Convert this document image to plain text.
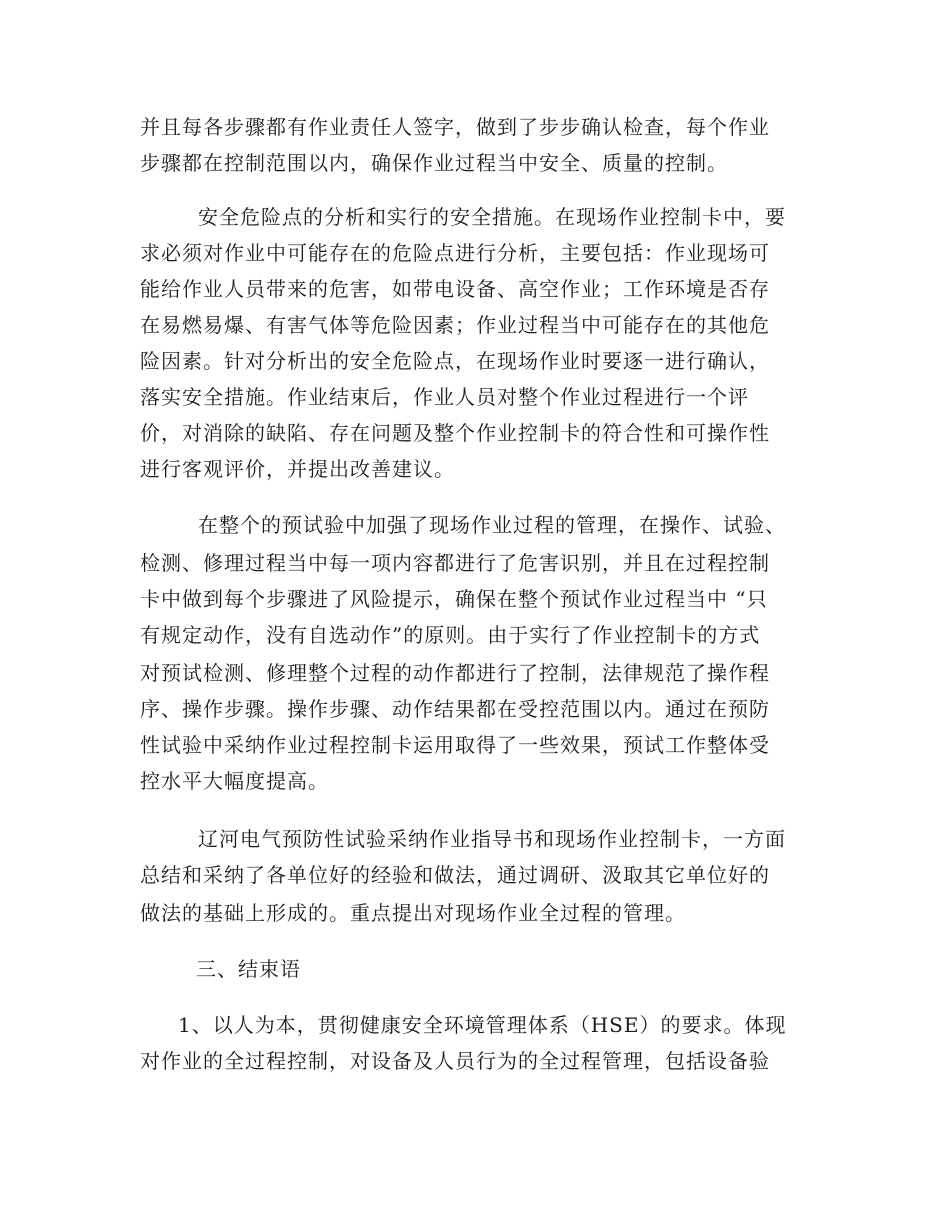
并且每各步骤都有作业责任人签字，做到了步步确认检查，每个作业
步骤都在控制范围以内，确保作业过程当中安全、质量的控制。
安全危险点的分析和实行的安全措施。在现场作业控制卡中，要
求必须对作业中可能存在的危险点进行分析，主要包括：作业现场可
能给作业人员带来的危害，如带电设备、高空作业；工作环境是否存
在易燃易爆、有害气体等危险因素；作业过程当中可能存在的其他危
险因素。针对分析出的安全危险点，在现场作业时要逐一进行确认，
落实安全措施。作业结束后，作业人员对整个作业过程进行一个评
价，对消除的缺陷、存在问题及整个作业控制卡的符合性和可操作性
进行客观评价，并提出改善建议。
在整个的预试验中加强了现场作业过程的管理，在操作、试验、
检测、修理过程当中每一项内容都进行了危害识别，并且在过程控制
卡中做到每个步骤进了风险提示，确保在整个预试作业过程当中 “只
有规定动作，没有自选动作”的原则。由于实行了作业控制卡的方式
对预试检测、修理整个过程的动作都进行了控制，法律规范了操作程
序、操作步骤。操作步骤、动作结果都在受控范围以内。通过在预防
性试验中采纳作业过程控制卡运用取得了一些效果，预试工作整体受
控水平大幅度提高。
辽河电气预防性试验采纳作业指导书和现场作业控制卡，一方面
总结和采纳了各单位好的经验和做法，通过调研、汲取其它单位好的
做法的基础上形成的。重点提出对现场作业全过程的管理。
三、结束语
1、以人为本，贯彻健康安全环境管理体系（HSE）的要求。体现
对作业的全过程控制，对设备及人员行为的全过程管理，包括设备验
